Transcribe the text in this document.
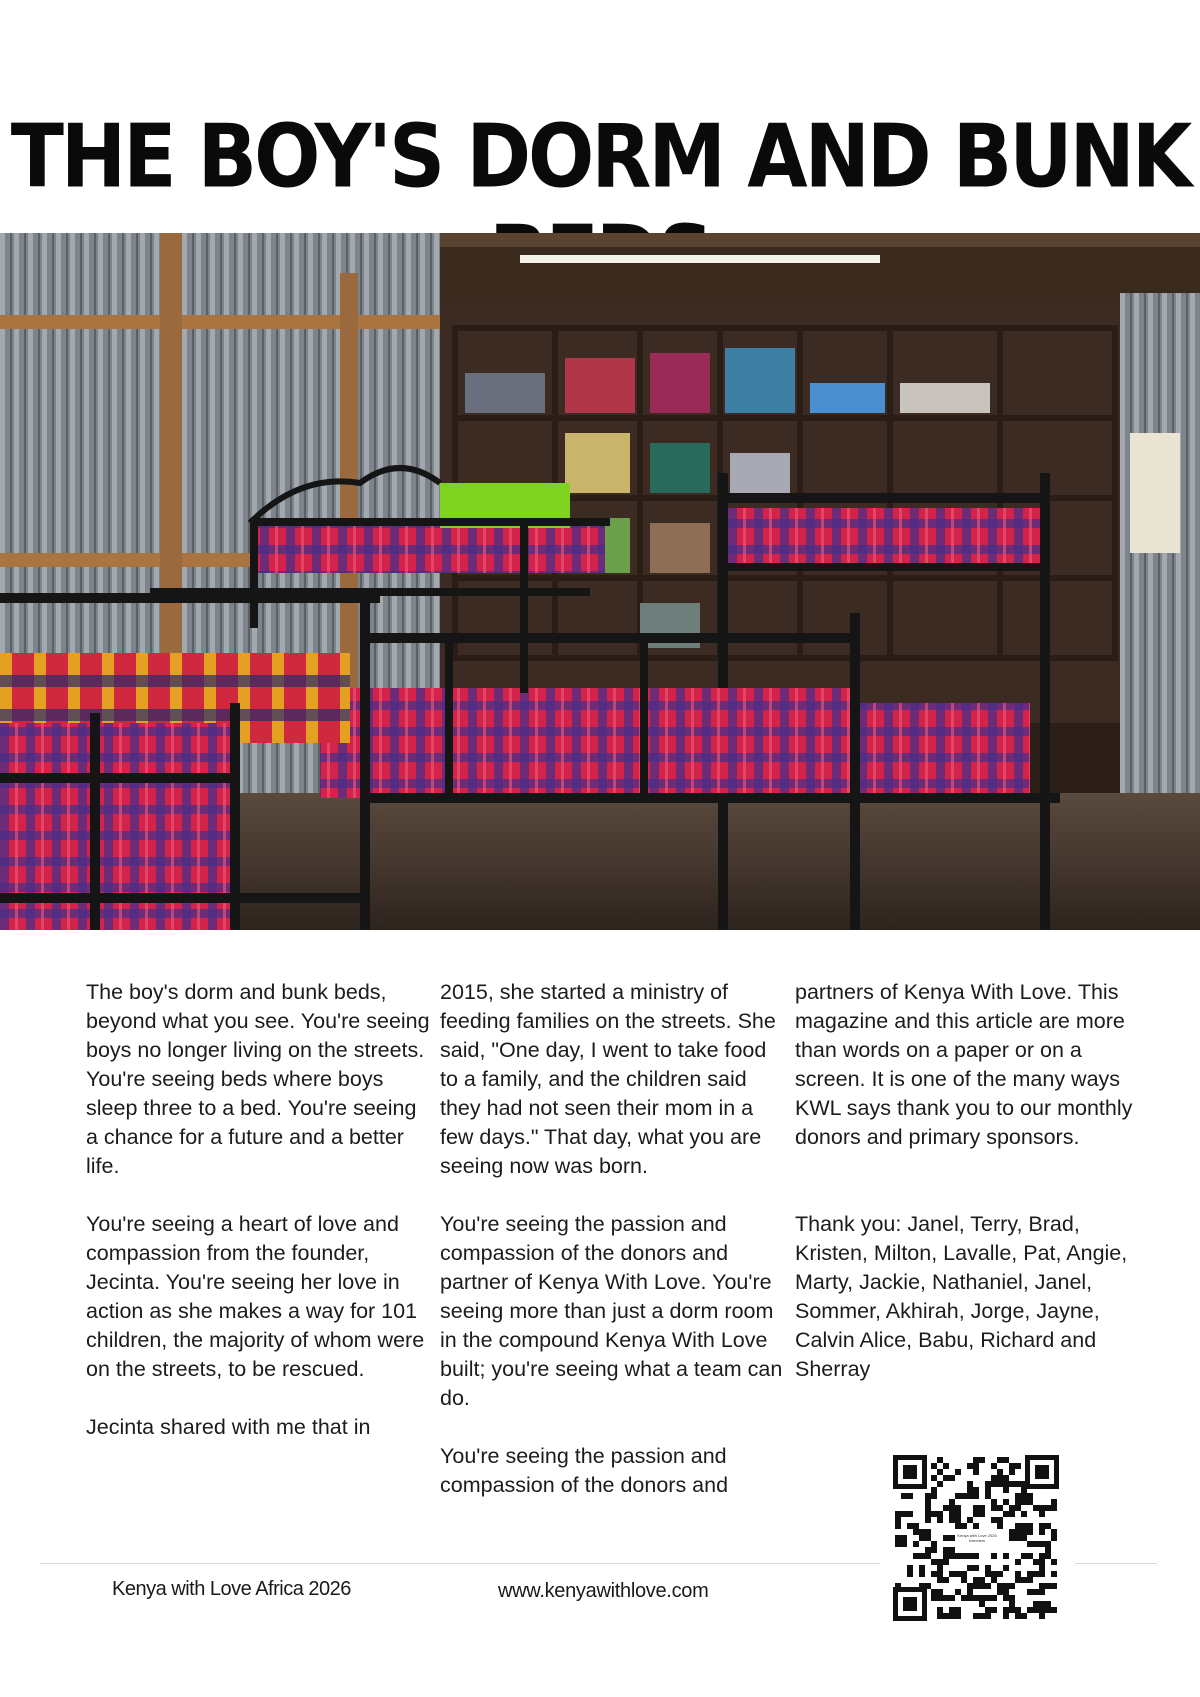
THE BOY'S DORM AND BUNK

The boy's dorm and bunk beds, beyond what you see. You're seeing boys no longer living on the streets. You're seeing beds where boys sleep three to a bed. You're seeing a chance for a future and a better life.

You're seeing a heart of love and compassion from the founder, Jecinta. You're seeing her love in action as she makes a way for 101 children, the majority of whom were on the streets, to be rescued.

Jecinta shared with me that in

2015, she started a ministry of feeding families on the streets. She said, "One day, I went to take food to a family, and the children said they had not seen their mom in a few days." That day, what you are seeing now was born.

You're seeing the passion and compassion of the donors and partner of Kenya With Love. You're seeing more than just a dorm room in the compound Kenya With Love built; you're seeing what a team can do.

You're seeing the passion and compassion of the donors and

partners of Kenya With Love. This magazine and this article are more than words on a paper or on a screen. It is one of the many ways KWL says thank you to our monthly donors and primary sponsors.

Thank you: Janel, Terry, Brad, Kristen, Milton, Lavalle, Pat, Angie, Marty, Jackie, Nathaniel, Janel, Sommer, Akhirah, Jorge, Jayne, Calvin Alice, Babu, Richard and Sherray

Kenya with Love Africa 2026	www.kenyawithlove.com
Kenya with Love 2026 Interview
